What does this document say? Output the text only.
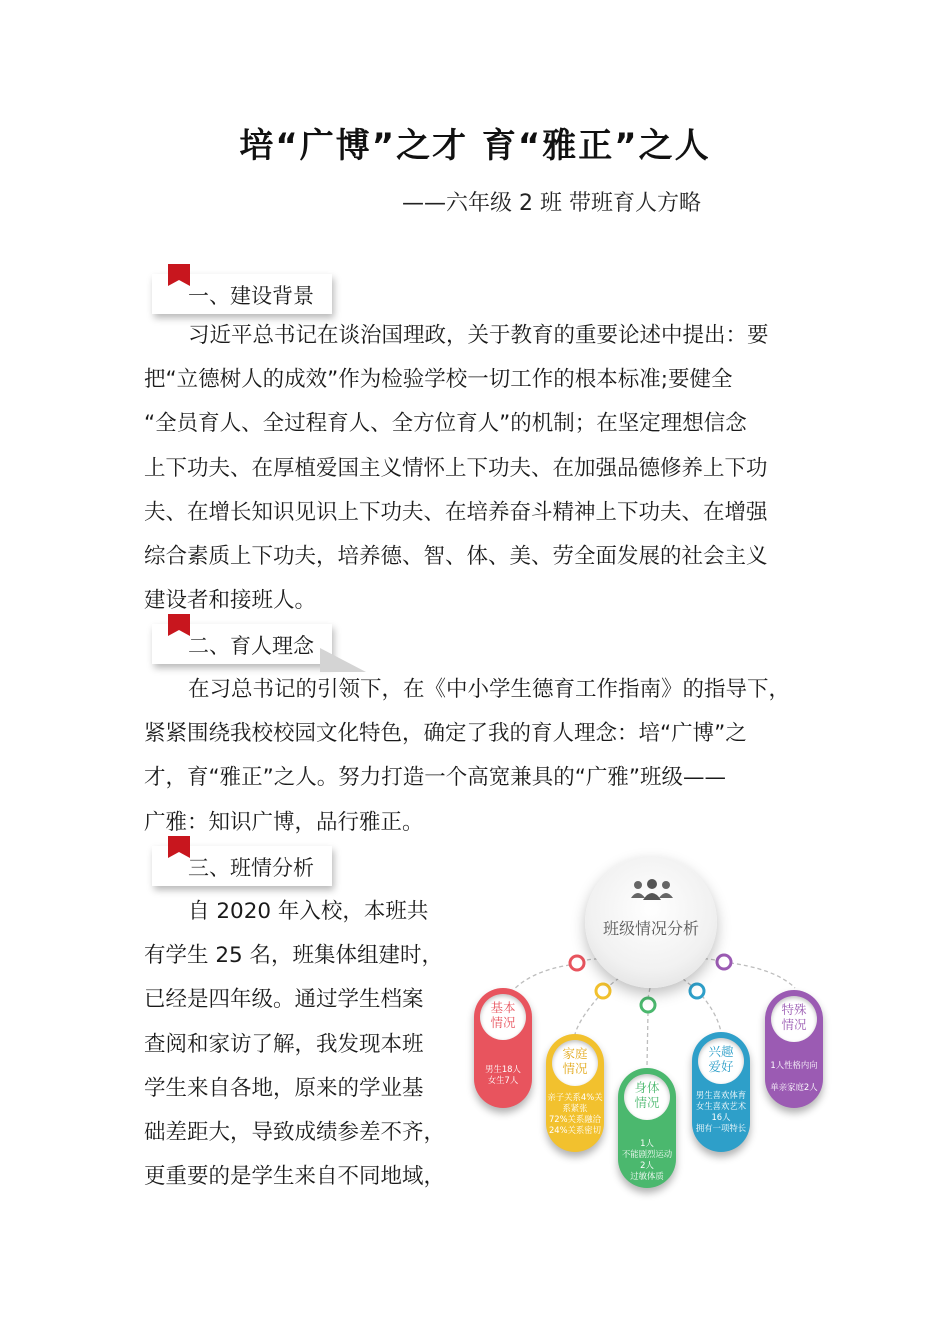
培“广博”之才 育“雅正”之人
——六年级 2 班 带班育人方略
一、建设背景
习近平总书记在谈治国理政，关于教育的重要论述中提出：要
把“立德树人的成效”作为检验学校一切工作的根本标准;要健全
“全员育人、全过程育人、全方位育人”的机制；在坚定理想信念
上下功夫、在厚植爱国主义情怀上下功夫、在加强品德修养上下功
夫、在增长知识见识上下功夫、在培养奋斗精神上下功夫、在增强
综合素质上下功夫，培养德、智、体、美、劳全面发展的社会主义
建设者和接班人。
二、育人理念
在习总书记的引领下，在《中小学生德育工作指南》的指导下，
紧紧围绕我校校园文化特色，确定了我的育人理念：培“广博”之
才，育“雅正”之人。努力打造一个高宽兼具的“广雅”班级——
广雅：知识广博，品行雅正。
三、班情分析
自 2020 年入校，本班共
有学生 25 名，班集体组建时，
已经是四年级。通过学生档案
查阅和家访了解，我发现本班
学生来自各地，原来的学业基
础差距大，导致成绩参差不齐，
更重要的是学生来自不同地域，
班级情况分析
基本
情况
男生18人
女生7人
家庭
情况
亲子关系4%关
系紧张
72%关系融洽
24%关系密切
身体
情况
1人
不能剧烈运动
2人
过敏体质
兴趣
爱好
男生喜欢体育
女生喜欢艺术
16人
拥有一项特长
特殊
情况
1人性格内向

单亲家庭2人
